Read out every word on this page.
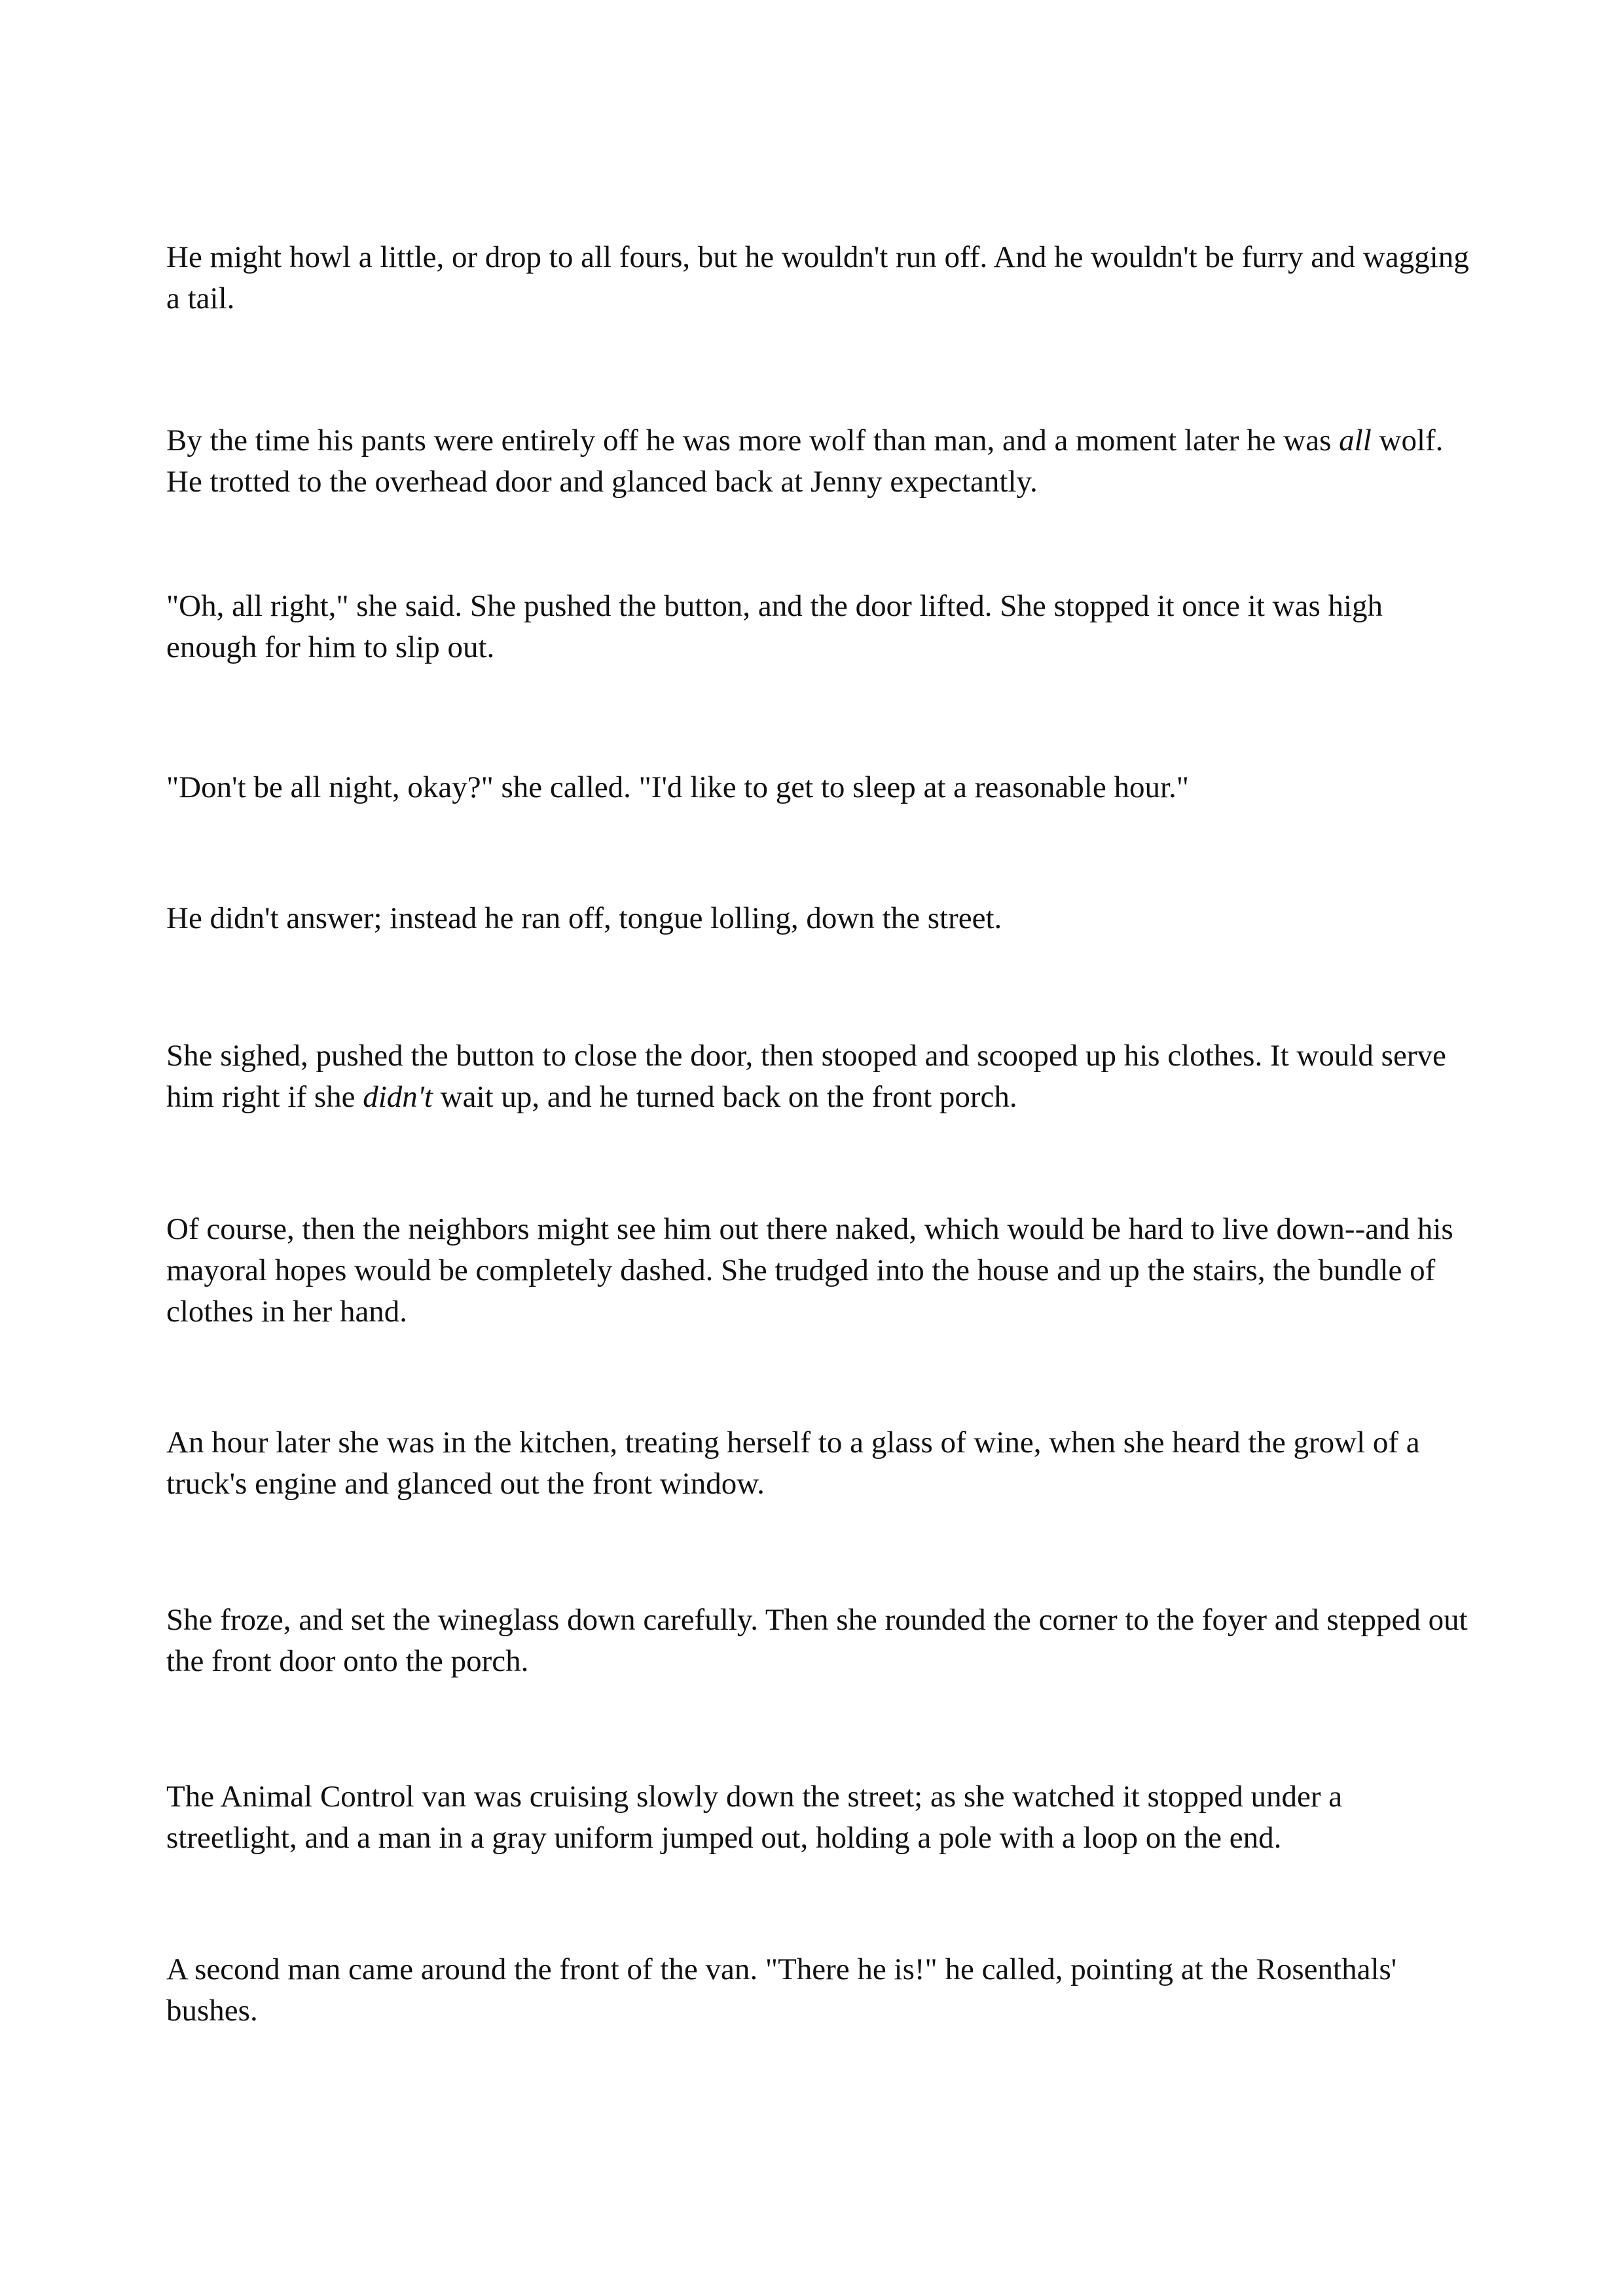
He might howl a little, or drop to all fours, but he wouldn't run off. And he wouldn't be furry and wagging a tail.

By the time his pants were entirely off he was more wolf than man, and a moment later he was all wolf. He trotted to the overhead door and glanced back at Jenny expectantly.

"Oh, all right," she said. She pushed the button, and the door lifted. She stopped it once it was high enough for him to slip out.

"Don't be all night, okay?" she called. "I'd like to get to sleep at a reasonable hour."

He didn't answer; instead he ran off, tongue lolling, down the street.

She sighed, pushed the button to close the door, then stooped and scooped up his clothes. It would serve him right if she didn't wait up, and he turned back on the front porch.

Of course, then the neighbors might see him out there naked, which would be hard to live down--and his mayoral hopes would be completely dashed. She trudged into the house and up the stairs, the bundle of clothes in her hand.

An hour later she was in the kitchen, treating herself to a glass of wine, when she heard the growl of a truck's engine and glanced out the front window.

She froze, and set the wineglass down carefully. Then she rounded the corner to the foyer and stepped out the front door onto the porch.

The Animal Control van was cruising slowly down the street; as she watched it stopped under a streetlight, and a man in a gray uniform jumped out, holding a pole with a loop on the end.

A second man came around the front of the van. "There he is!" he called, pointing at the Rosenthals' bushes.
